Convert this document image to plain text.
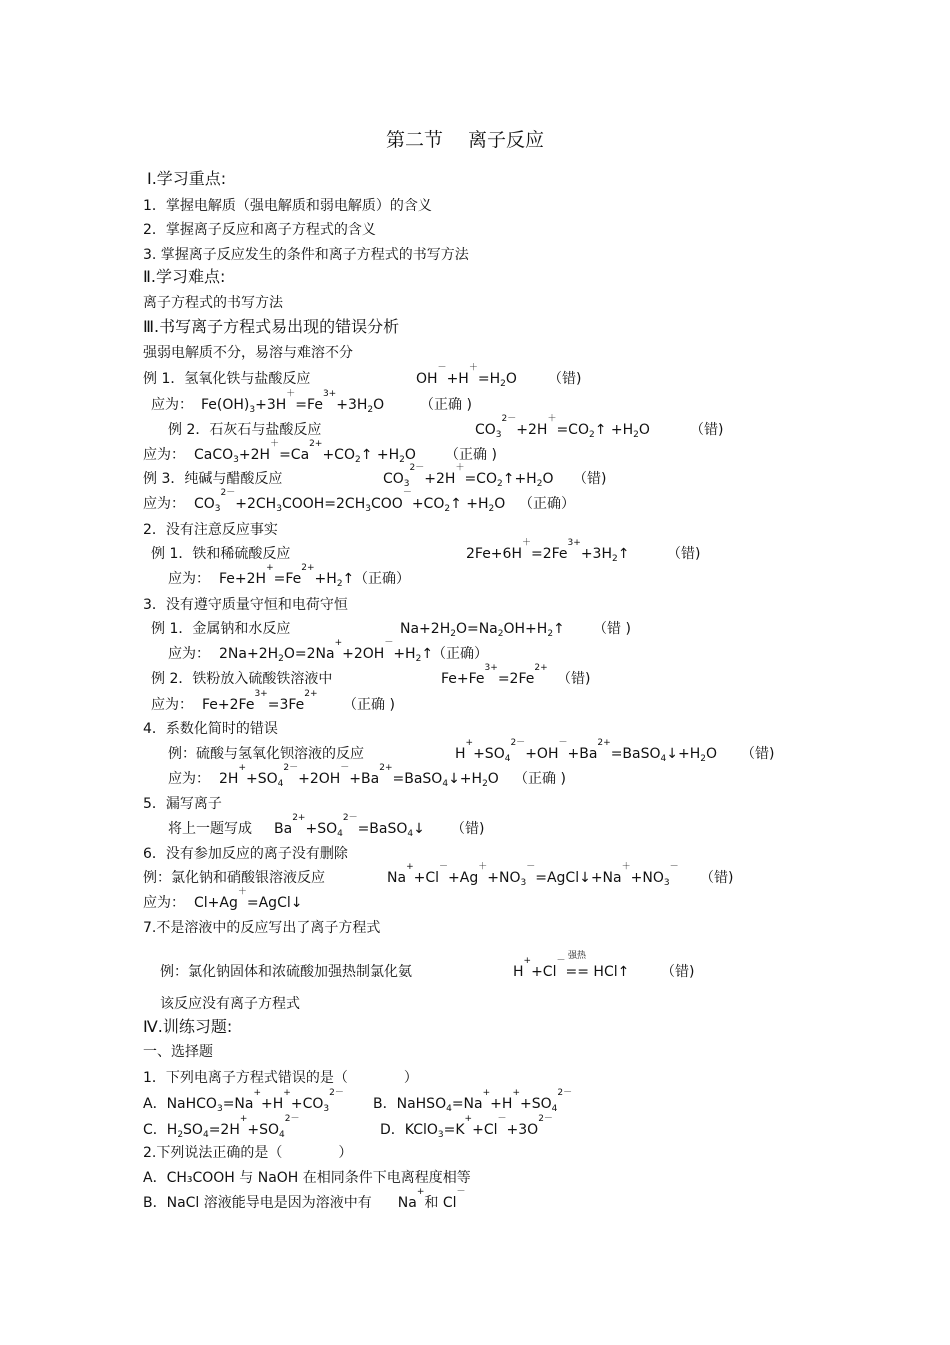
第二节　 离子反应
Ⅰ.学习重点:
1．掌握电解质（强电解质和弱电解质）的含义
2．掌握离子反应和离子方程式的含义
3. 掌握离子反应发生的条件和离子方程式的书写方法
Ⅱ.学习难点:
离子方程式的书写方法
Ⅲ.书写离子方程式易出现的错误分析
强弱电解质不分，易溶与难溶不分
例 1．氢氧化铁与盐酸反应	$OH^-+H^+=H_2O$ （错)
应为： $Fe(OH)_3+3H^+=Fe^{3+}+3H_2O$	（正确 )
例 2．石灰石与盐酸反应	$CO_3^{2-}+2H^+=CO_2↑ +H_2O$	（错)
应为： $CaCO_3+2H^+=Ca^{2+}+CO_2↑ +H_2O$ （正确 )
例 3．纯碱与醋酸反应	$CO_3^{2-}+2H^+=CO_2↑+H_2O$ （错)
应为： $CO_3^{2-}+2CH_3COOH=2CH_3COO^-+CO_2↑ +H_2O$ （正确）
2．没有注意反应事实
例 1．铁和稀硫酸反应	$2Fe+6H^+=2Fe^{3+}+3H_2↑$	（错)
应为： $Fe+2H^+=Fe^{2+}+H_2↑$ （正确）
3．没有遵守质量守恒和电荷守恒
例 1．金属钠和水反应	$Na+2H_2O=Na_2OH+H_2↑$ （错 )
应为： $2Na+2H_2O=2Na^++2OH^-+H_2↑$
（正确）
例 2．铁粉放入硫酸铁溶液中	$Fe+Fe^{3+}=2Fe^{2+}$
（错)
应为： $Fe+2Fe^{3+}=3Fe^{2+}$
（正确 )
4．系数化简时的错误
例：硫酸与氢氧化钡溶液的反应	$H^++SO_4^{2-}+OH^-+Ba^{2+}=BaSO_4↓+H_2O$ （错)
应为： $2H^++SO_4^{2-}+2OH^-+Ba^{2+}=BaSO_4↓+H_2O$ （正确 )
5．漏写离子
将上一题写成 $Ba^{2+}+SO_4^{2-}=BaSO_4↓$ （错)
6．没有参加反应的离子没有删除
例：氯化钠和硝酸银溶液反应	$Na^++Cl^-+Ag^++NO_3^-=AgCl↓+Na^++NO_3^-$
（错)
应为： Cl+Ag＋=AgCl↓
7.不是溶液中的反应写出了离子方程式
强热
例：氯化钠固体和浓硫酸加强热制氯化氨	H++Cl－== HCl↑ （错)
该反应没有离子方程式
Ⅳ.训练习题:
一、选择题
1．下列电离子方程式错误的是（　　　　）
A．$NaHCO_3=Na^++H^++CO_3^{2-}$
B．$NaHSO_4=Na^++H^++SO_4^{2-}$
C．$H_2SO_4=2H^++SO_4^{2-}$
D．$KClO_3=K^++Cl^-+3O^{2-}$
2.下列说法正确的是（　　　　）
A．CH₃COOH 与 NaOH 在相同条件下电离程度相等
B．NaCl 溶液能导电是因为溶液中有 Na+和 Cl－
